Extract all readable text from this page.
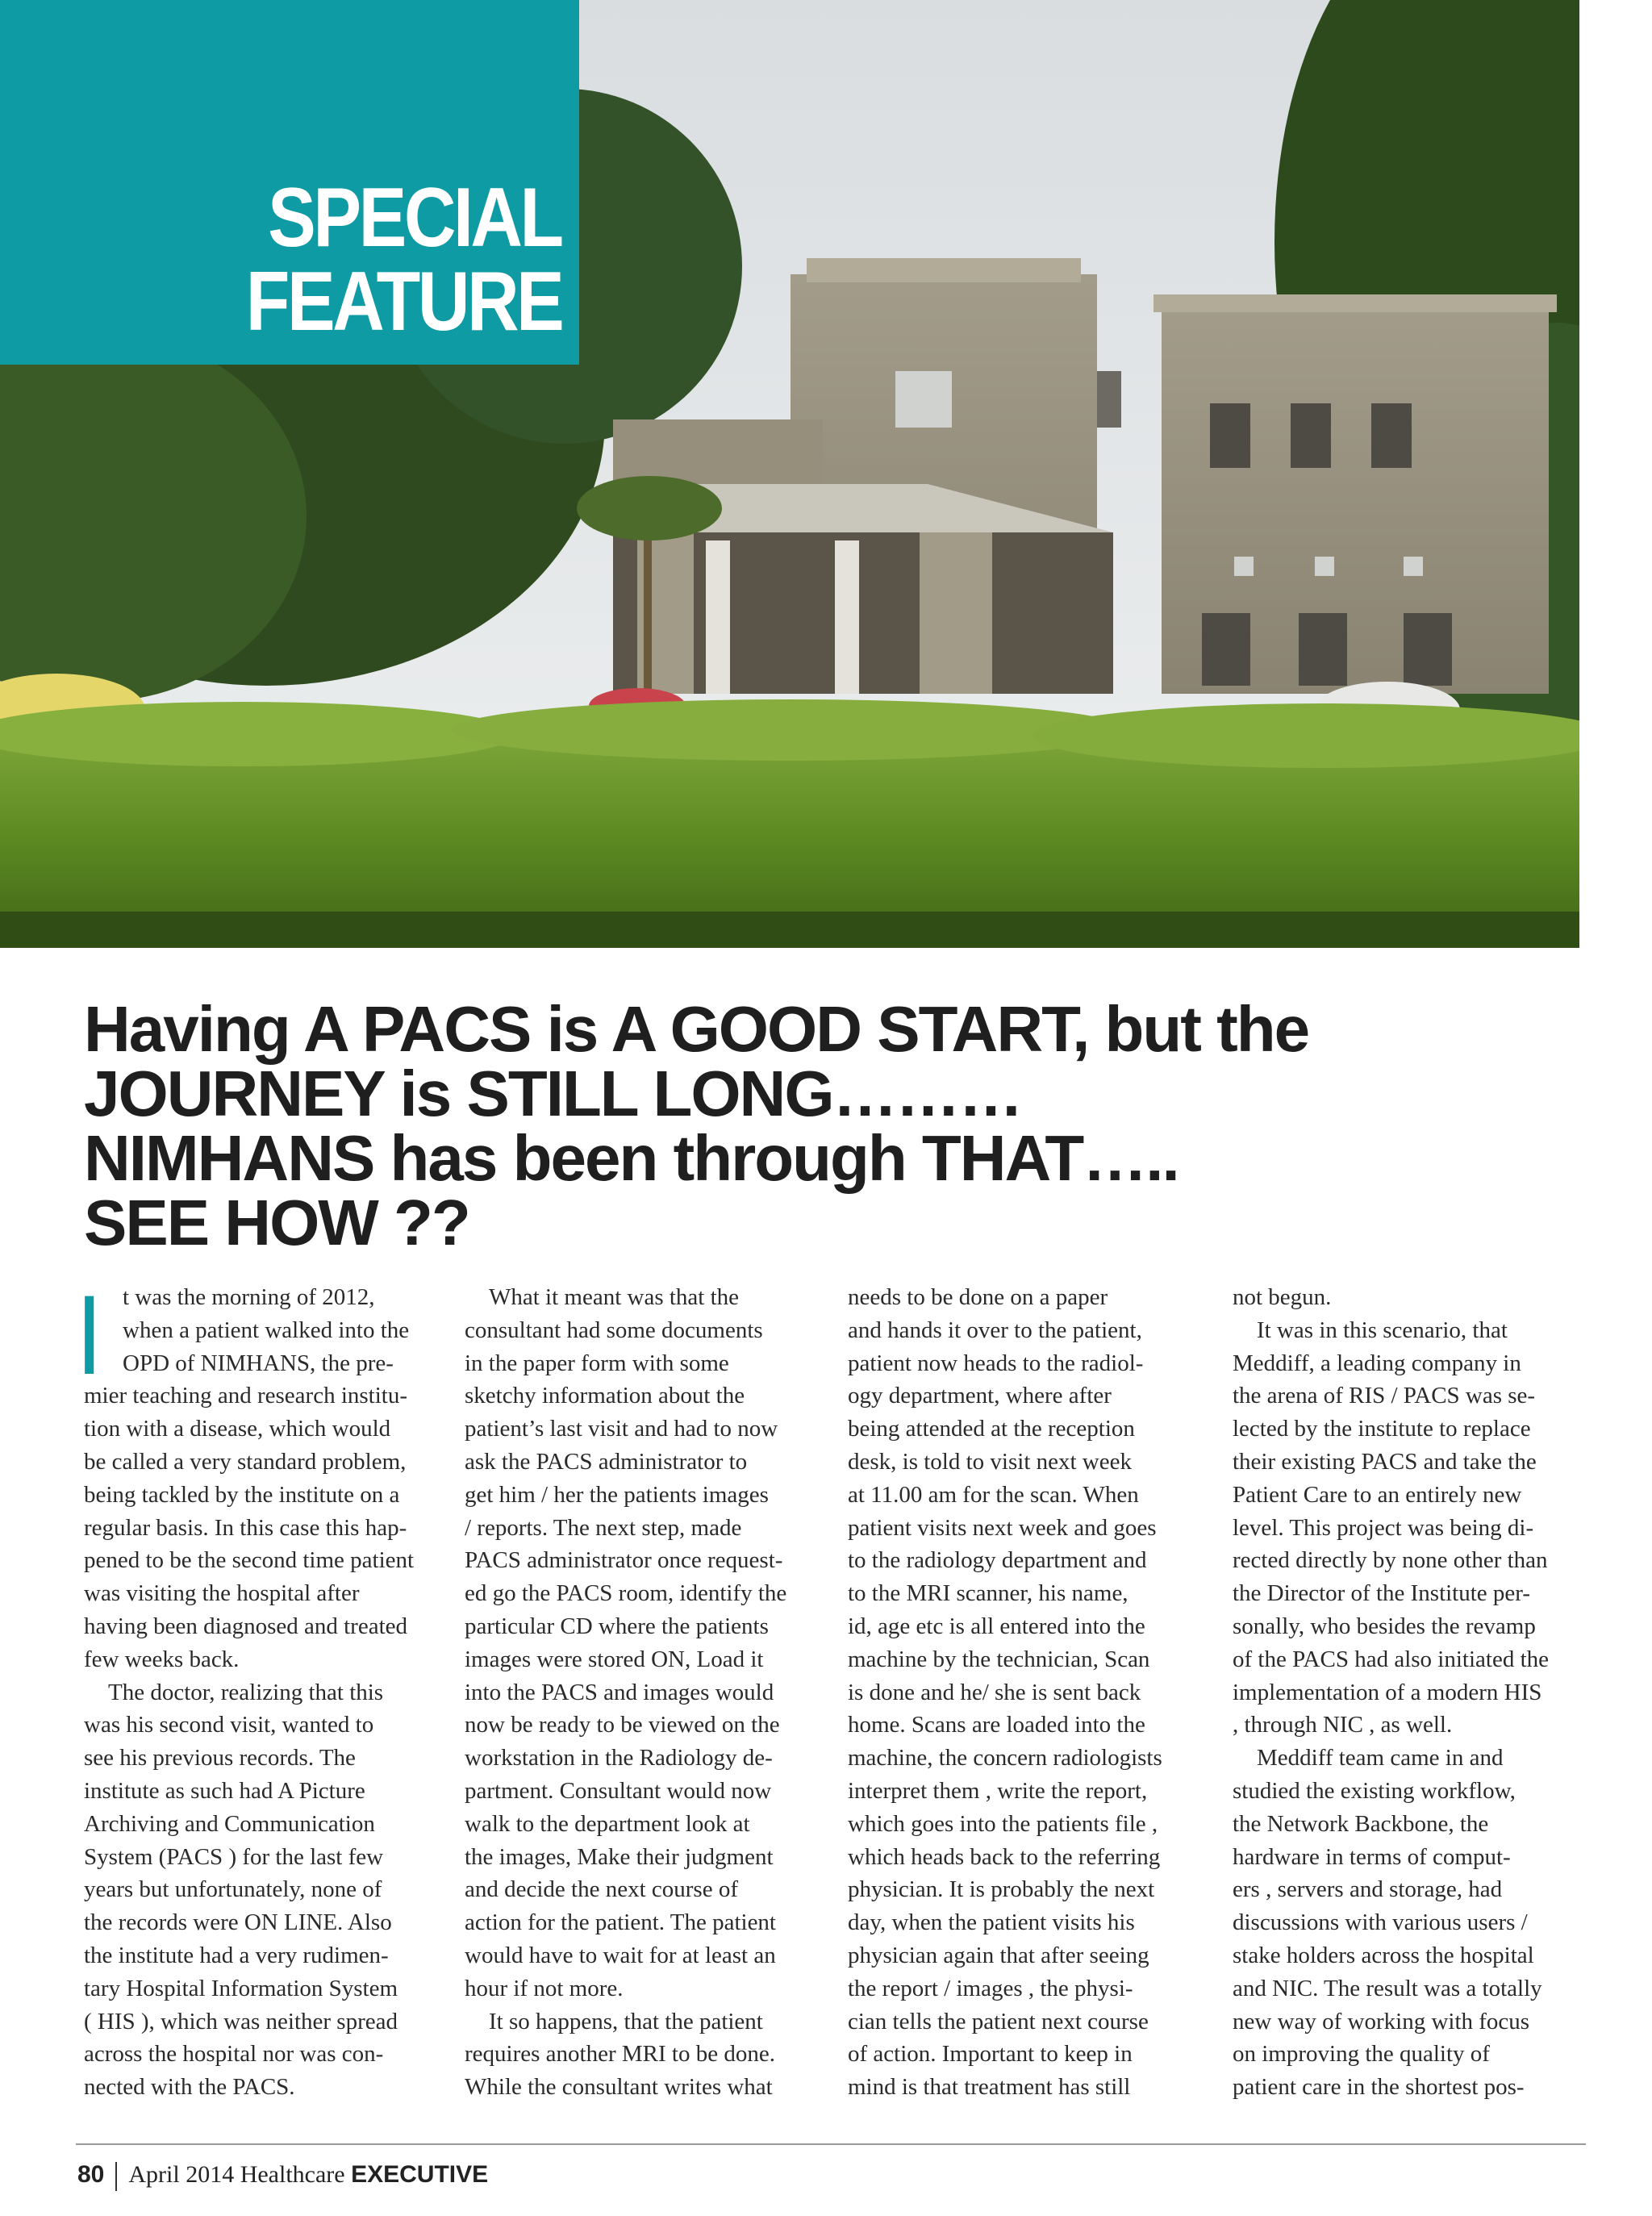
SPECIAL
FEATURE
Having A PACS is A GOOD START, but the
JOURNEY is STILL LONG………
NIMHANS has been through THAT…..
SEE HOW ??
I	t was the morning of 2012,
when a patient walked into the
OPD of NIMHANS, the pre-
mier teaching and research institu-
tion with a disease, which would
be called a very standard problem,
being tackled by the institute on a
regular basis. In this case this hap-
pened to be the second time patient
was visiting the hospital after
having been diagnosed and treated
few weeks back.
The doctor, realizing that this
was his second visit, wanted to
see his previous records. The
institute as such had A Picture
Archiving and Communication
System (PACS ) for the last few
years but unfortunately, none of
the records were ON LINE. Also
the institute had a very rudimen-
tary Hospital Information System
( HIS ), which was neither spread
across the hospital nor was con-
nected with the PACS.
What it meant was that the
consultant had some documents
in the paper form with some
sketchy information about the
patient’s last visit and had to now
ask the PACS administrator to
get him / her the patients images
/ reports. The next step, made
PACS administrator once request-
ed go the PACS room, identify the
particular CD where the patients
images were stored ON, Load it
into the PACS and images would
now be ready to be viewed on the
workstation in the Radiology de-
partment. Consultant would now
walk to the department look at
the images, Make their judgment
and decide the next course of
action for the patient. The patient
would have to wait for at least an
hour if not more.
It so happens, that the patient
requires another MRI to be done.
While the consultant writes what
needs to be done on a paper
and hands it over to the patient,
patient now heads to the radiol-
ogy department, where after
being attended at the reception
desk, is told to visit next week
at 11.00 am for the scan. When
patient visits next week and goes
to the radiology department and
to the MRI scanner, his name,
id, age etc is all entered into the
machine by the technician, Scan
is done and he/ she is sent back
home. Scans are loaded into the
machine, the concern radiologists
interpret them , write the report,
which goes into the patients file ,
which heads back to the referring
physician. It is probably the next
day, when the patient visits his
physician again that after seeing
the report / images , the physi-
cian tells the patient next course
of action. Important to keep in
mind is that treatment has still
not begun.
It was in this scenario, that
Meddiff, a leading company in
the arena of RIS / PACS was se-
lected by the institute to replace
their existing PACS and take the
Patient Care to an entirely new
level. This project was being di-
rected directly by none other than
the Director of the Institute per-
sonally, who besides the revamp
of the PACS had also initiated the
implementation of a modern HIS
, through NIC , as well.
Meddiff team came in and
studied the existing workflow,
the Network Backbone, the
hardware in terms of comput-
ers , servers and storage, had
discussions with various users /
stake holders across the hospital
and NIC. The result was a totally
new way of working with focus
on improving the quality of
patient care in the shortest pos-
80 April 2014 Healthcare EXECUTIVE
